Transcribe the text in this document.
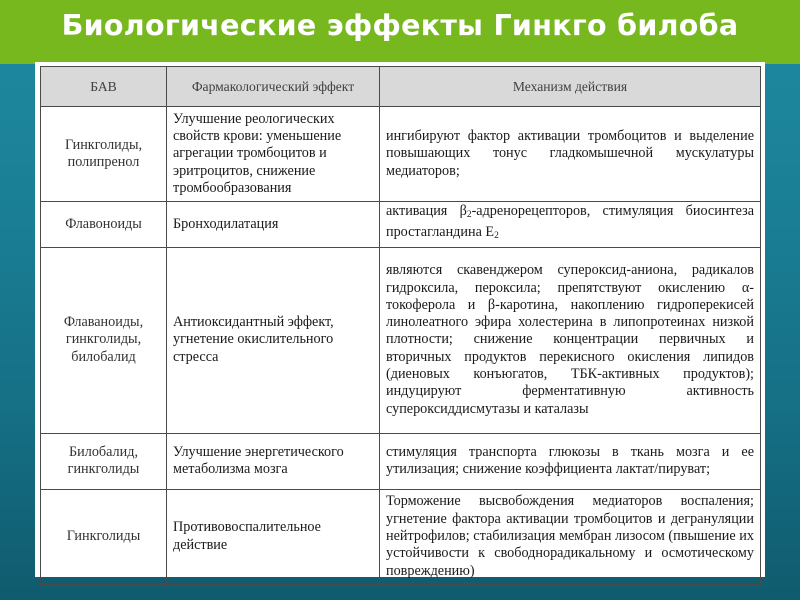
Биологические эффекты Гинкго билоба
БАВ	Фармакологический эффект	Механизм действия
Гинкголиды, полипренол	Улучшение реологических свойств крови: уменьшение агрегации тромбоцитов и эритроцитов, снижение тромбообразования	ингибируют фактор активации тромбоцитов и выделение повышающих тонус гладкомышечной мускулатуры медиаторов;
Флавоноиды	Бронходилатация	активация $\beta_2$-адренорецепторов, стимуляция биосинтеза простагландина $E_2$
Флаваноиды, гинкголиды, билобалид	Антиоксидантный эффект, угнетение окислительного стресса	являются скавенджером супероксид-аниона, радикалов гидроксила, пероксила; препятствуют окислению α-токоферола и β-каротина, накоплению гидроперекисей линолеатного эфира холестерина в липопротеинах низкой плотности; снижение концентрации первичных и вторичных продуктов перекисного окисления липидов (диеновых конъюгатов, ТБК-активных продуктов); индуцируют ферментативную активность супероксиддисмутазы и каталазы
Билобалид, гинкголиды	Улучшение энергетического метаболизма мозга	стимуляция транспорта глюкозы в ткань мозга и ее утилизация; снижение коэффициента лактат/пируват;
Гинкголиды	Противовоспалительное действие	Торможение высвобождения медиаторов воспаления; угнетение фактора активации тромбоцитов и дегрануляции нейтрофилов; стабилизация мембран лизосом (пвышение их устойчивости к свободнорадикальному и осмотическому повреждению)
